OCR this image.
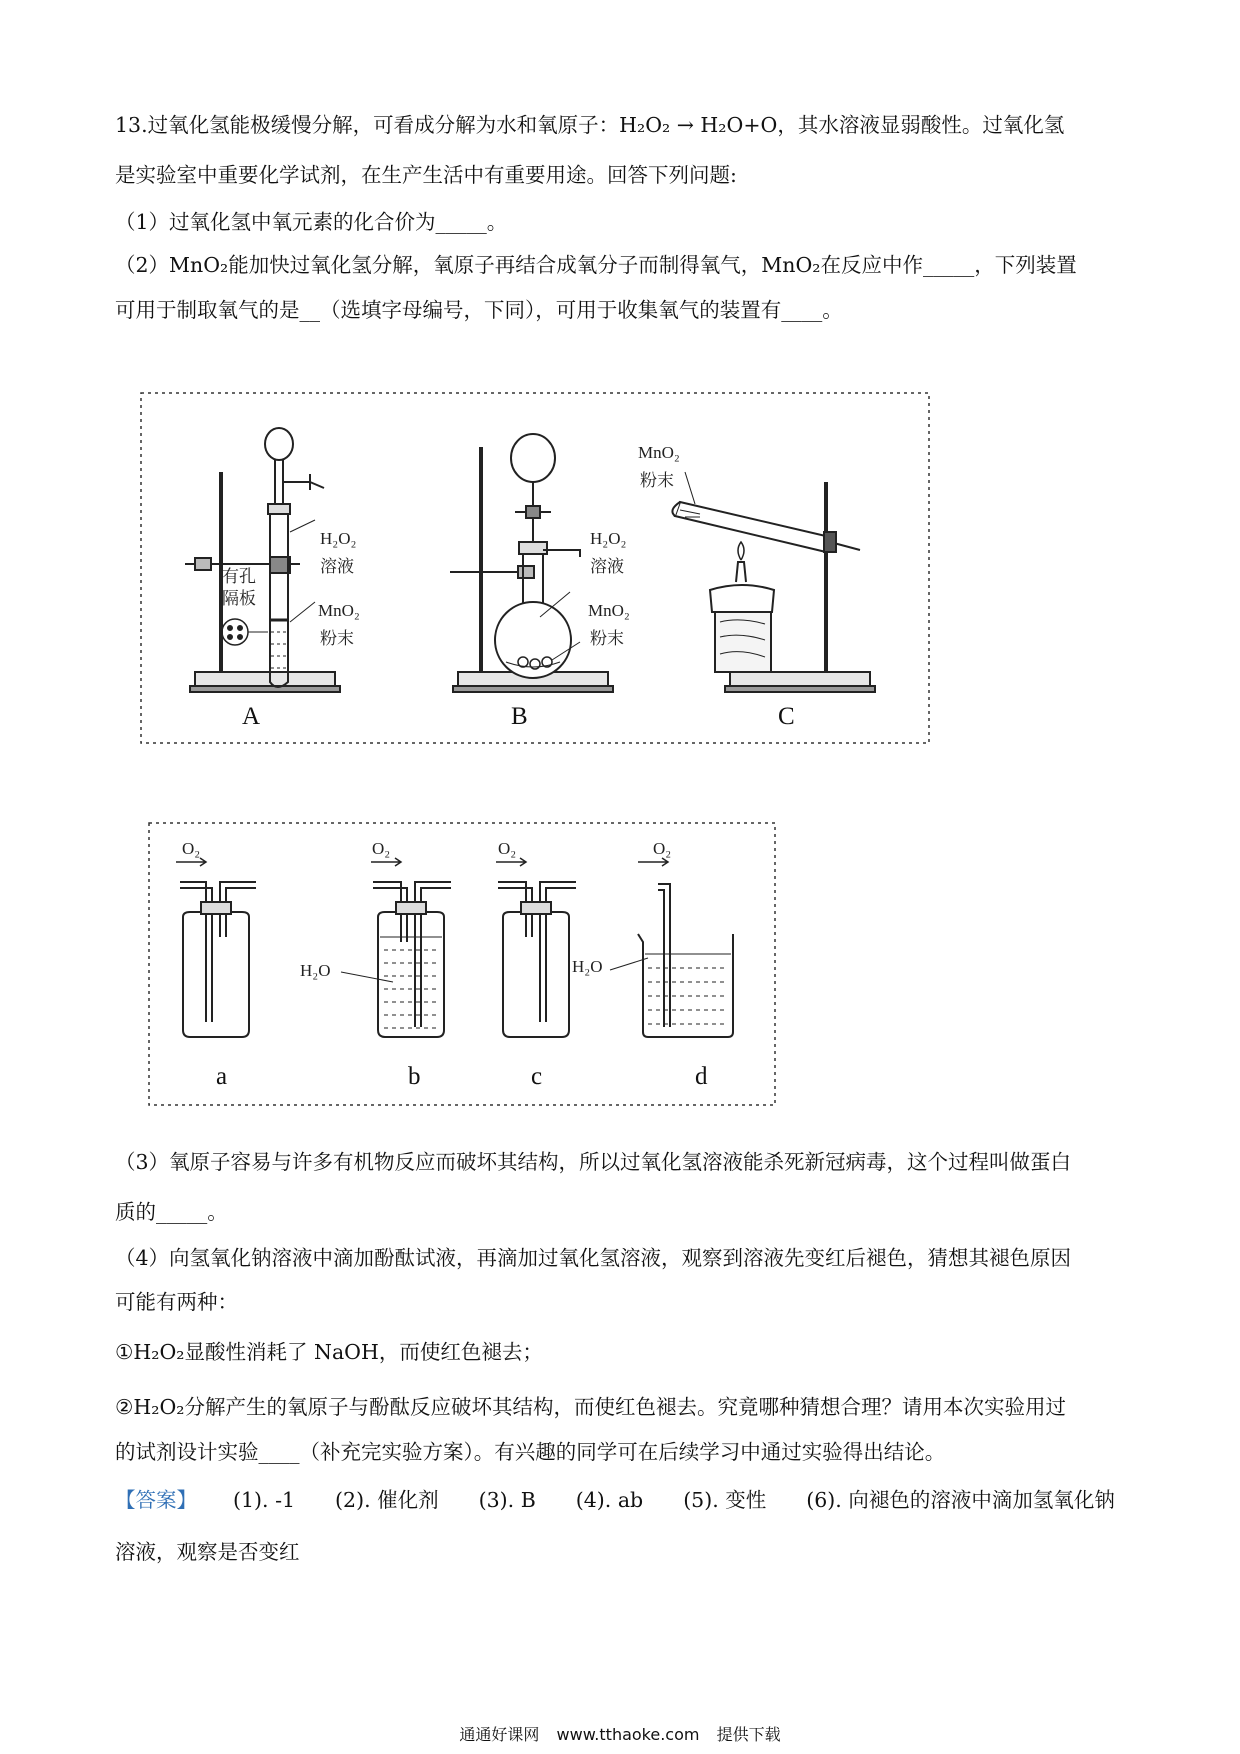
13.过氧化氢能极缓慢分解，可看成分解为水和氧原子：H₂O₂ → H₂O+O，其水溶液显弱酸性。过氧化氢
是实验室中重要化学试剂，在生产生活中有重要用途。回答下列问题:
（1）过氧化氢中氧元素的化合价为_____。
（2）MnO₂能加快过氧化氢分解，氧原子再结合成氧分子而制得氧气，MnO₂在反应中作_____，下列装置
可用于制取氧气的是__（选填字母编号，下同），可用于收集氧气的装置有____。
H₂O₂
溶液
MnO₂
粉末
有孔
隔板
A
H₂O₂
溶液
MnO₂
粉末
B
MnO₂
粉末
C
O₂
a
O₂
H₂O
b
O₂
c
O₂
H₂O
d
（3）氧原子容易与许多有机物反应而破坏其结构，所以过氧化氢溶液能杀死新冠病毒，这个过程叫做蛋白
质的_____。
（4）向氢氧化钠溶液中滴加酚酞试液，再滴加过氧化氢溶液，观察到溶液先变红后褪色，猜想其褪色原因
可能有两种：
①H₂O₂显酸性消耗了 NaOH，而使红色褪去；
②H₂O₂分解产生的氧原子与酚酞反应破坏其结构，而使红色褪去。究竟哪种猜想合理？请用本次实验用过
的试剂设计实验____（补充完实验方案）。有兴趣的同学可在后续学习中通过实验得出结论。
【答案】 (1). -1 (2). 催化剂 (3). B (4). ab (5). 变性 (6). 向褪色的溶液中滴加氢氧化钠
溶液，观察是否变红
通通好课网 www.tthaoke.com 提供下载
